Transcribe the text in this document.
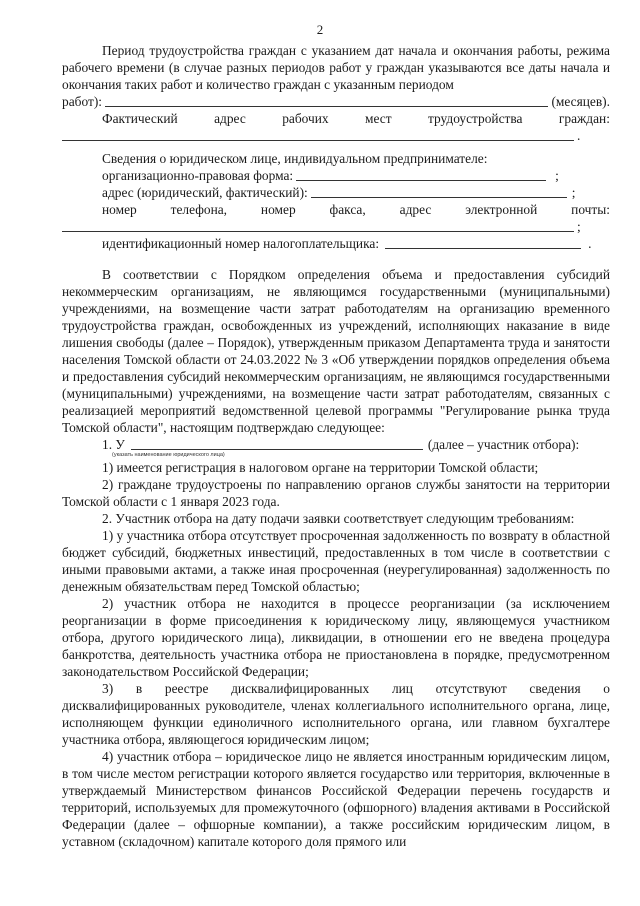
2

Период трудоустройства граждан с указанием дат начала и окончания работы, режима рабочего времени (в случае разных периодов работ у граждан указываются все даты начала и окончания таких работ и количество граждан с указанным периодом

работ):	(месяцев).
Фактический	адрес	рабочих	мест	трудоустройства	граждан:
.

Сведения о юридическом лице, индивидуальном предпринимателе:

организационно-правовая форма:	;
адрес (юридический, фактический):	;
номер	телефона,	номер	факса,	адрес	электронной	почты:
;
идентификационный номер налогоплательщика:	.

В соответствии с Порядком определения объема и предоставления субсидий некоммерческим организациям, не являющимся государственными (муниципальными) учреждениями, на возмещение части затрат работодателям на организацию временного трудоустройства граждан, освобожденных из учреждений, исполняющих наказание в виде лишения свободы (далее – Порядок), утвержденным приказом Департамента труда и занятости населения Томской области от 24.03.2022 № 3 «Об утверждении порядков определения объема и предоставления субсидий некоммерческим организациям, не являющимся государственными (муниципальными) учреждениями, на возмещение части затрат работодателям, связанных с реализацией мероприятий ведомственной целевой программы "Регулирование рынка труда Томской области", настоящим подтверждаю следующее:

1. У	(далее – участник отбора):
(указать наименование юридического лица)

1) имеется регистрация в налоговом органе на территории Томской области;

2) граждане трудоустроены по направлению органов службы занятости на территории Томской области с 1 января 2023 года.

2. Участник отбора на дату подачи заявки соответствует следующим требованиям:

1) у участника отбора отсутствует просроченная задолженность по возврату в областной бюджет субсидий, бюджетных инвестиций, предоставленных в том числе в соответствии с иными правовыми актами, а также иная просроченная (неурегулированная) задолженность по денежным обязательствам перед Томской областью;

2) участник отбора не находится в процессе реорганизации (за исключением реорганизации в форме присоединения к юридическому лицу, являющемуся участником отбора, другого юридического лица), ликвидации, в отношении его не введена процедура банкротства, деятельность участника отбора не приостановлена в порядке, предусмотренном законодательством Российской Федерации;

3) в реестре дисквалифицированных лиц отсутствуют сведения о дисквалифицированных руководителе, членах коллегиального исполнительного органа, лице, исполняющем функции единоличного исполнительного органа, или главном бухгалтере участника отбора, являющегося юридическим лицом;

4) участник отбора – юридическое лицо не является иностранным юридическим лицом, в том числе местом регистрации которого является государство или территория, включенные в утверждаемый Министерством финансов Российской Федерации перечень государств и территорий, используемых для промежуточного (офшорного) владения активами в Российской Федерации (далее – офшорные компании), а также российским юридическим лицом, в уставном (складочном) капитале которого доля прямого или
